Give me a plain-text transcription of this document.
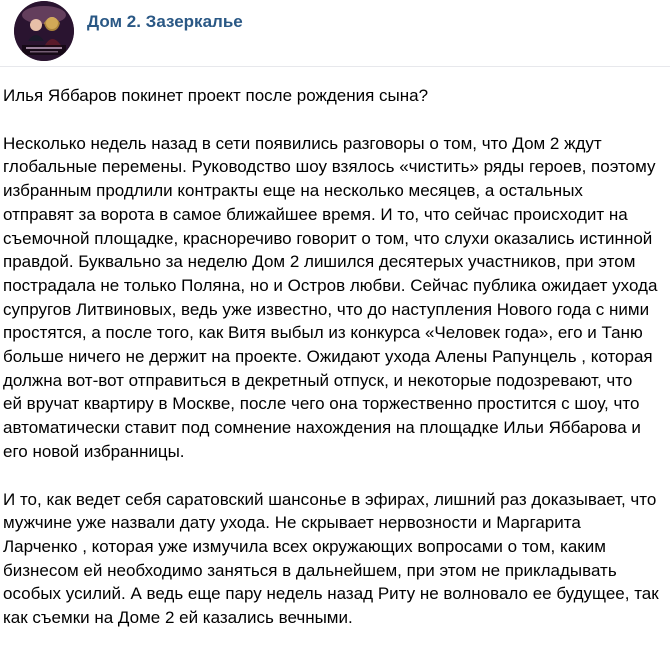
Дом 2. Зазеркалье

Илья Яббаров покинет проект после рождения сына?

Несколько недель назад в сети появились разговоры о том, что Дом 2 ждут
глобальные перемены. Руководство шоу взялось «чистить» ряды героев, поэтому
избранным продлили контракты еще на несколько месяцев, а остальных
отправят за ворота в самое ближайшее время. И то, что сейчас происходит на
съемочной площадке, красноречиво говорит о том, что слухи оказались истинной
правдой. Буквально за неделю Дом 2 лишился десятерых участников, при этом
пострадала не только Поляна, но и Остров любви. Сейчас публика ожидает ухода
супругов Литвиновых, ведь уже известно, что до наступления Нового года с ними
простятся, а после того, как Витя выбыл из конкурса «Человек года», его и Таню
больше ничего не держит на проекте. Ожидают ухода Алены Рапунцель , которая
должна вот-вот отправиться в декретный отпуск, и некоторые подозревают, что
ей вручат квартиру в Москве, после чего она торжественно простится с шоу, что
автоматически ставит под сомнение нахождения на площадке Ильи Яббарова и
его новой избранницы.

И то, как ведет себя саратовский шансонье в эфирах, лишний раз доказывает, что
мужчине уже назвали дату ухода. Не скрывает нервозности и Маргарита
Ларченко , которая уже измучила всех окружающих вопросами о том, каким
бизнесом ей необходимо заняться в дальнейшем, при этом не прикладывать
особых усилий. А ведь еще пару недель назад Риту не волновало ее будущее, так
как съемки на Доме 2 ей казались вечными.
